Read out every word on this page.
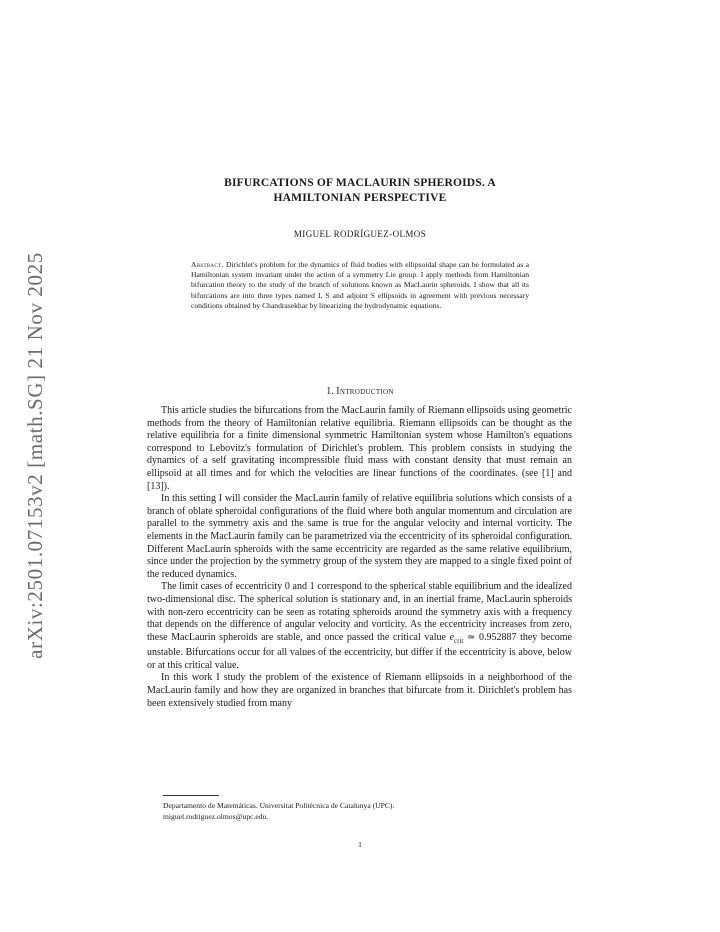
arXiv:2501.07153v2 [math.SG] 21 Nov 2025
BIFURCATIONS OF MACLAURIN SPHEROIDS. A
HAMILTONIAN PERSPECTIVE
MIGUEL RODRÍGUEZ-OLMOS
Abstract. Dirichlet's problem for the dynamics of fluid bodies with ellipsoidal shape can be formulated as a Hamiltonian system invariant under the action of a symmetry Lie group. I apply methods from Hamiltonian bifurcation theory to the study of the branch of solutions known as MacLaurin spheroids. I show that all its bifurcations are into three types named I, S and adjoint S ellipsoids in agreement with previous necessary conditions obtained by Chandrasekhar by linearizing the hydrodynamic equations.
1. Introduction

This article studies the bifurcations from the MacLaurin family of Riemann ellipsoids using geometric methods from the theory of Hamiltonian relative equilibria. Riemann ellipsoids can be thought as the relative equilibria for a finite dimensional symmetric Hamiltonian system whose Hamilton's equations correspond to Lebovitz's formulation of Dirichlet's problem. This problem consists in studying the dynamics of a self gravitating incompressible fluid mass with constant density that must remain an ellipsoid at all times and for which the velocities are linear functions of the coordinates. (see [1] and [13]).

In this setting I will consider the MacLaurin family of relative equilibria solutions which consists of a branch of oblate spheroidal configurations of the fluid where both angular momentum and circulation are parallel to the symmetry axis and the same is true for the angular velocity and internal vorticity. The elements in the MacLaurin family can be parametrized via the eccentricity of its spheroidal configuration. Different MacLaurin spheroids with the same eccentricity are regarded as the same relative equilibrium, since under the projection by the symmetry group of the system they are mapped to a single fixed point of the reduced dynamics.

The limit cases of eccentricity 0 and 1 correspond to the spherical stable equilibrium and the idealized two-dimensional disc. The spherical solution is stationary and, in an inertial frame, MacLaurin spheroids with non-zero eccentricity can be seen as rotating spheroids around the symmetry axis with a frequency that depends on the difference of angular velocity and vorticity. As the eccentricity increases from zero, these MacLaurin spheroids are stable, and once passed the critical value $e_{crit}$ ≃ 0.952887 they become unstable. Bifurcations occur for all values of the eccentricity, but differ if the eccentricity is above, below or at this critical value.

In this work I study the problem of the existence of Riemann ellipsoids in a neighborhood of the MacLaurin family and how they are organized in branches that bifurcate from it. Dirichlet's problem has been extensively studied from many

Departamento de Matemáticas. Universitat Politècnica de Catalunya (UPC).
miguel.rodriguez.olmos@upc.edu.
1
